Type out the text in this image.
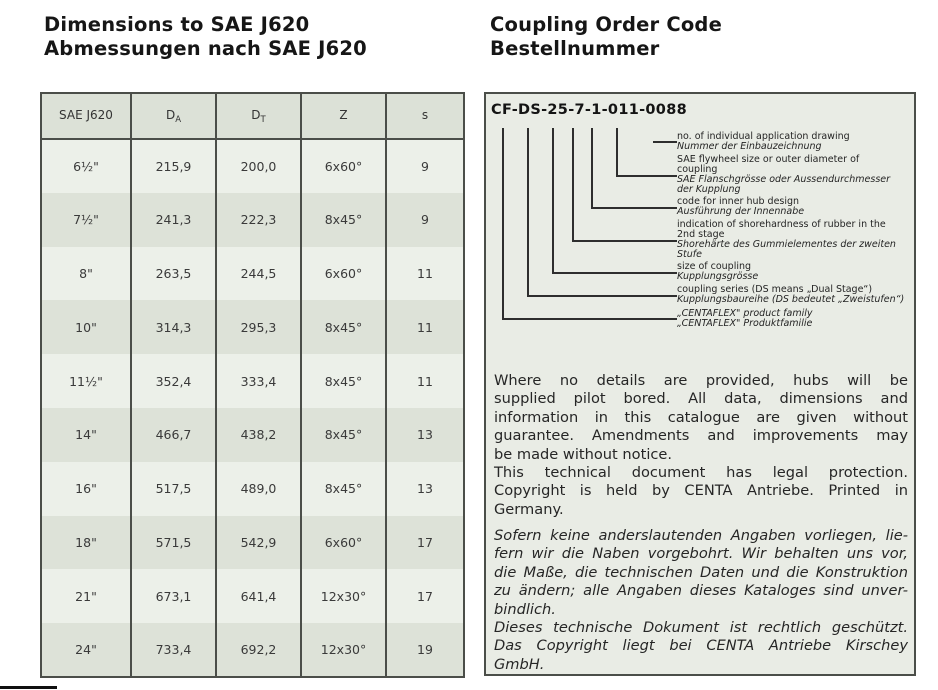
Dimensions to SAE J620
Abmessungen nach SAE J620
SAE J620	$D_A$	$D_T$	Z	s
6½"	215,9	200,0	6x60°	9
7½"	241,3	222,3	8x45°	9
8"	263,5	244,5	6x60°	11
10"	314,3	295,3	8x45°	11
11½"	352,4	333,4	8x45°	11
14"	466,7	438,2	8x45°	13
16"	517,5	489,0	8x45°	13
18"	571,5	542,9	6x60°	17
21"	673,1	641,4	12x30°	17
24"	733,4	692,2	12x30°	19
Coupling Order Code
Bestellnummer
CF-DS-25-7-1-011-0088
no. of individual application drawing
Nummer der Einbauzeichnung
SAE flywheel size or outer diameter of
coupling
SAE Flanschgrösse oder Aussendurchmesser
der Kupplung
code for inner hub design
Ausführung der Innennabe
indication of shorehardness of rubber in the
2nd stage
Shorehärte des Gummielementes der zweiten
Stufe
size of coupling
Kupplungsgrösse
coupling series (DS means „Dual Stage“)
Kupplungsbaureihe (DS bedeutet „Zweistufen“)
„CENTAFLEX" product family
„CENTAFLEX" Produktfamilie
Where no details are provided, hubs will be
supplied pilot bored. All data, dimensions and
information in this catalogue are given without
guarantee. Amendments and improvements may
be made without notice.
This technical document has legal protection.
Copyright is held by CENTA Antriebe. Printed in
Germany.
Sofern keine anderslautenden Angaben vorliegen, lie-
fern wir die Naben vorgebohrt. Wir behalten uns vor,
die Maße, die technischen Daten und die Konstruktion
zu ändern; alle Angaben dieses Kataloges sind unver-
bindlich.
Dieses technische Dokument ist rechtlich geschützt.
Das Copyright liegt bei CENTA Antriebe Kirschey
GmbH.
